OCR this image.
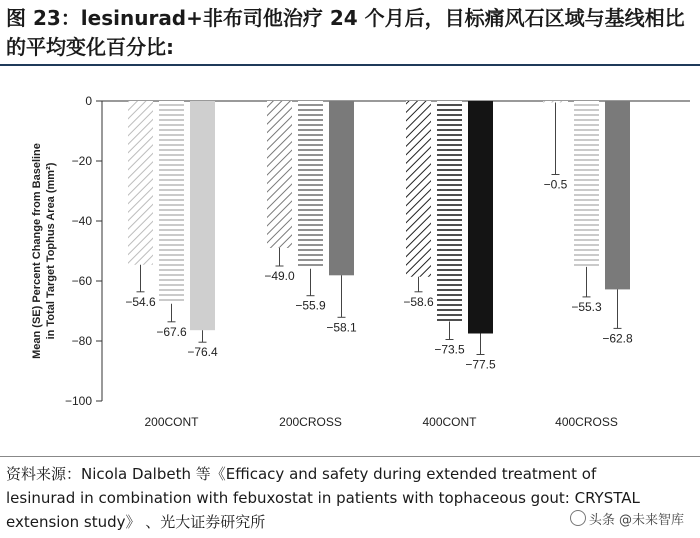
图 23：lesinurad+非布司他治疗 24 个月后，目标痛风石区域与基线相比的平均变化百分比:
0
−20
−40
−60
−80
−100
Mean (SE) Percent Change from Baseline in Total Target Tophus Area (mm²)	−54.6
−67.6
−76.4
200CONT
−49.0
−55.9
−58.1
200CROSS
−58.6
−73.5
−77.5
400CONT
−0.5
−55.3
−62.8
400CROSS
资料来源：Nicola Dalbeth 等《Efficacy and safety during extended treatment of lesinurad in combination with febuxostat in patients with tophaceous gout: CRYSTAL extension study》 、光大证券研究所	头条 @未来智库
